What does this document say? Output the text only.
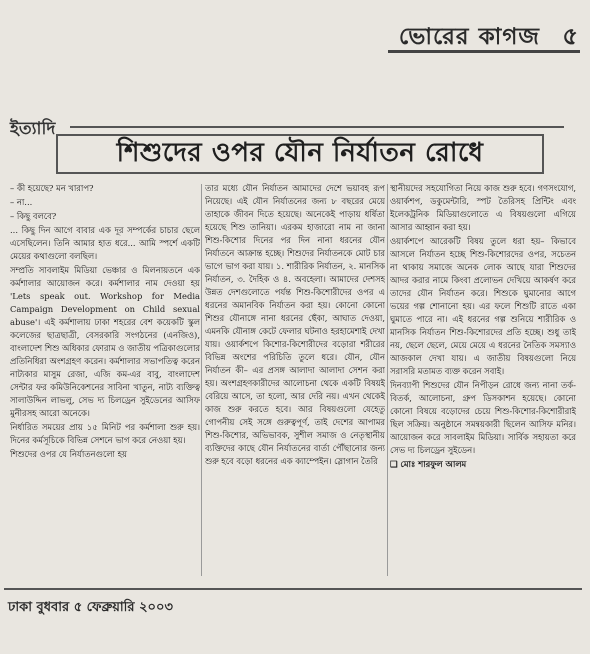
ভোরের কাগজ ৫
ইত্যাদি
শিশুদের ওপর যৌন নির্যাতন রোধে

– কী হয়েছে? মন খারাপ?

– না...

– কিছু বলবে?

... কিছু দিন আগে বাবার এক দূর সম্পর্কের চাচার ছেলে এসেছিলেন। তিনি আমার হাত ধরে... আমি স্পর্শে একটি মেয়ের কথাগুলো বলছিল।

সম্প্রতি সাবলাইম মিডিয়া ভেঞ্চার ও মিলনায়তনে এক কর্মশালার আয়োজন করে। কর্মশালার নাম দেওয়া হয় 'Lets speak out. Workshop for Media Campaign Development on Child sexual abuse'। এই কর্মশালায় ঢাকা শহরের বেশ কয়েকটি স্কুল কলেজের ছাত্রছাত্রী, বেসরকারি সংগঠনের (এনজিও), বাংলাদেশ শিশু অধিকার ফোরাম ও জাতীয় পত্রিকাগুলোর প্রতিনিধিরা অংশগ্রহণ করেন। কর্মশালার সভাপতিত্ব করেন নাট্যকার মাসুম রেজা, এজি কম-এর বাবু, বাংলাদেশ সেন্টার ফর কমিউনিকেশনের সাবিনা খাতুন, নাট্য ব্যক্তিত্ব সালাউদ্দিন লাভলু, সেভ দ্য চিলড্রেন সুইডেনের আসিফ মুনীরসহ আরো অনেকে।

নির্ধারিত সময়ের প্রায় ১৫ মিনিট পর কর্মশালা শুরু হয়। দিনের কর্মসূচিকে বিভিন্ন সেশনে ভাগ করে নেওয়া হয়।

শিশুদের ওপর যে নির্যাতনগুলো হয়

তার মধ্যে যৌন নির্যাতন আমাদের দেশে ভয়াবহ রূপ নিয়েছে। এই যৌন নির্যাতনের জন্য ৮ বছরের মেয়ে তাহাকে জীবন দিতে হয়েছে। অনেকেই পাড়ায় ধর্ষিতা হয়েছে শিশু তানিয়া। এরকম হাজারো নাম না জানা শিশু-কিশোর দিনের পর দিন নানা ধরনের যৌন নির্যাতনে আক্রান্ত হচ্ছে। শিশুদের নির্যাতনকে মোট চার ভাগে ভাগ করা যায়। ১. শারীরিক নির্যাতন, ২. মানসিক নির্যাতন, ৩. দৈহিক ও ৪. অবহেলা। আমাদের দেশসহ উন্নত দেশগুলোতে পর্যন্ত শিশু-কিশোরীদের ওপর এ ধরনের অমানবিক নির্যাতন করা হয়। কোনো কোনো শিশুর যৌনাঙ্গে নানা ধরনের ছেঁকা, আঘাত দেওয়া, এমনকি যৌনাঙ্গ কেটে ফেলার ঘটনাও হরহামেশাই দেখা যায়। ওয়ার্কশপে কিশোর-কিশোরীদের বড়োরা শরীরের বিভিন্ন অংশের পরিচিতি তুলে ধরে। যৌন, যৌন নির্যাতন কী– এর প্রসঙ্গ আলাদা আলাদা সেশন করা হয়। অংশগ্রহণকারীদের আলোচনা থেকে একটি বিষয়ই বেরিয়ে আসে, তা হলো, আর দেরি নয়। এখন থেকেই কাজ শুরু করতে হবে। আর বিষয়গুলো যেহেতু গোপনীয় সেই সঙ্গে গুরুত্বপূর্ণ, তাই দেশের আপামর শিশু-কিশোর, অভিভাবক, সুশীল সমাজ ও নেতৃস্থানীয় ব্যক্তিদের কাছে যৌন নির্যাতনের বার্তা পৌঁছানোর জন্য শুরু হবে বড়ো ধরনের এক ক্যাম্পেইন। স্লোগান তৈরি

স্থানীয়দের সহযোগিতা নিয়ে কাজ শুরু হবে। গণসংযোগ, ওয়ার্কশপ, ডকুমেন্টারি, স্পট তৈরিসহ প্রিন্টিং এবং ইলেকট্রনিক মিডিয়াগুলোতে এ বিষয়গুলো এগিয়ে আসার আহ্বান করা হয়।

ওয়ার্কশপে আরেকটি বিষয় তুলে ধরা হয়– কিভাবে আসলে নির্যাতন হচ্ছে শিশু-কিশোরদের ওপর, সচেতন না থাকায় সমাজে অনেক লোক আছে যারা শিশুদের আদর করার নামে কিংবা প্রলোভন দেখিয়ে আকর্ষণ করে তাদের যৌন নির্যাতন করে। শিশুকে ঘুমানোর আগে ভয়ের গল্প শোনানো হয়। এর ফলে শিশুটি রাতে একা ঘুমাতে পারে না। এই ধরনের গল্প শুনিয়ে শারীরিক ও মানসিক নির্যাতন শিশু-কিশোরদের প্রতি হচ্ছে। শুধু তাই নয়, ছেলে ছেলে, মেয়ে মেয়ে এ ধরনের নৈতিক সমস্যাও আজকাল দেখা যায়। এ জাতীয় বিষয়গুলো নিয়ে সরাসরি মতামত ব্যক্ত করেন সবাই।

দিনব্যাপী শিশুদের যৌন নিপীড়ন রোধে জন্য নানা তর্ক-বিতর্ক, আলোচনা, গ্রুপ ডিসকাশন হয়েছে। কোনো কোনো বিষয়ে বড়োদের চেয়ে শিশু-কিশোর-কিশোরীরাই ছিল সক্রিয়। অনুষ্ঠানে সমন্বয়কারী ছিলেন আসিফ মনির। আয়োজন করে সাবলাইম মিডিয়া। সার্বিক সহায়তা করে সেভ দ্য চিলড্রেন সুইডেন।

❑ মোঃ শারফুল আলম

ঢাকা বুধবার ৫ ফেব্রুয়ারি ২০০৩
